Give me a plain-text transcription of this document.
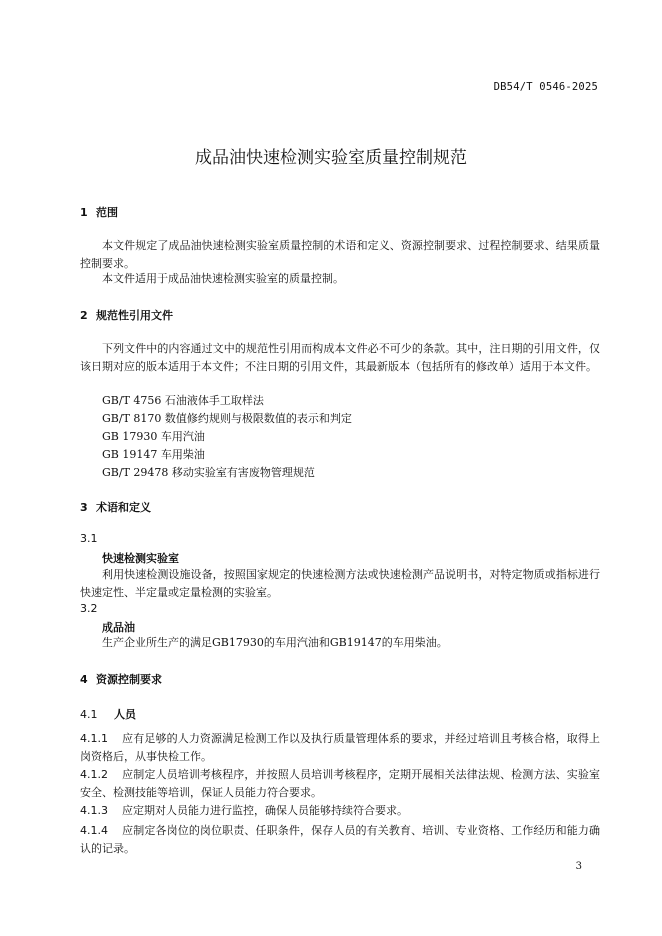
DB54/T 0546-2025
成品油快速检测实验室质量控制规范
1 范围
本文件规定了成品油快速检测实验室质量控制的术语和定义、资源控制要求、过程控制要求、结果质量控制要求。
本文件适用于成品油快速检测实验室的质量控制。
2 规范性引用文件
下列文件中的内容通过文中的规范性引用而构成本文件必不可少的条款。其中，注日期的引用文件，仅该日期对应的版本适用于本文件；不注日期的引用文件，其最新版本（包括所有的修改单）适用于本文件。
GB/T 4756 石油液体手工取样法
GB/T 8170 数值修约规则与极限数值的表示和判定
GB 17930 车用汽油
GB 19147 车用柴油
GB/T 29478 移动实验室有害废物管理规范
3 术语和定义
3.1
快速检测实验室
利用快速检测设施设备，按照国家规定的快速检测方法或快速检测产品说明书，对特定物质或指标进行快速定性、半定量或定量检测的实验室。
3.2
成品油
生产企业所生产的满足GB17930的车用汽油和GB19147的车用柴油。
4 资源控制要求
4.1 人员
4.1.1 应有足够的人力资源满足检测工作以及执行质量管理体系的要求，并经过培训且考核合格，取得上岗资格后，从事快检工作。
4.1.2 应制定人员培训考核程序，并按照人员培训考核程序，定期开展相关法律法规、检测方法、实验室安全、检测技能等培训，保证人员能力符合要求。
4.1.3 应定期对人员能力进行监控，确保人员能够持续符合要求。
4.1.4 应制定各岗位的岗位职责、任职条件，保存人员的有关教育、培训、专业资格、工作经历和能力确认的记录。
3
